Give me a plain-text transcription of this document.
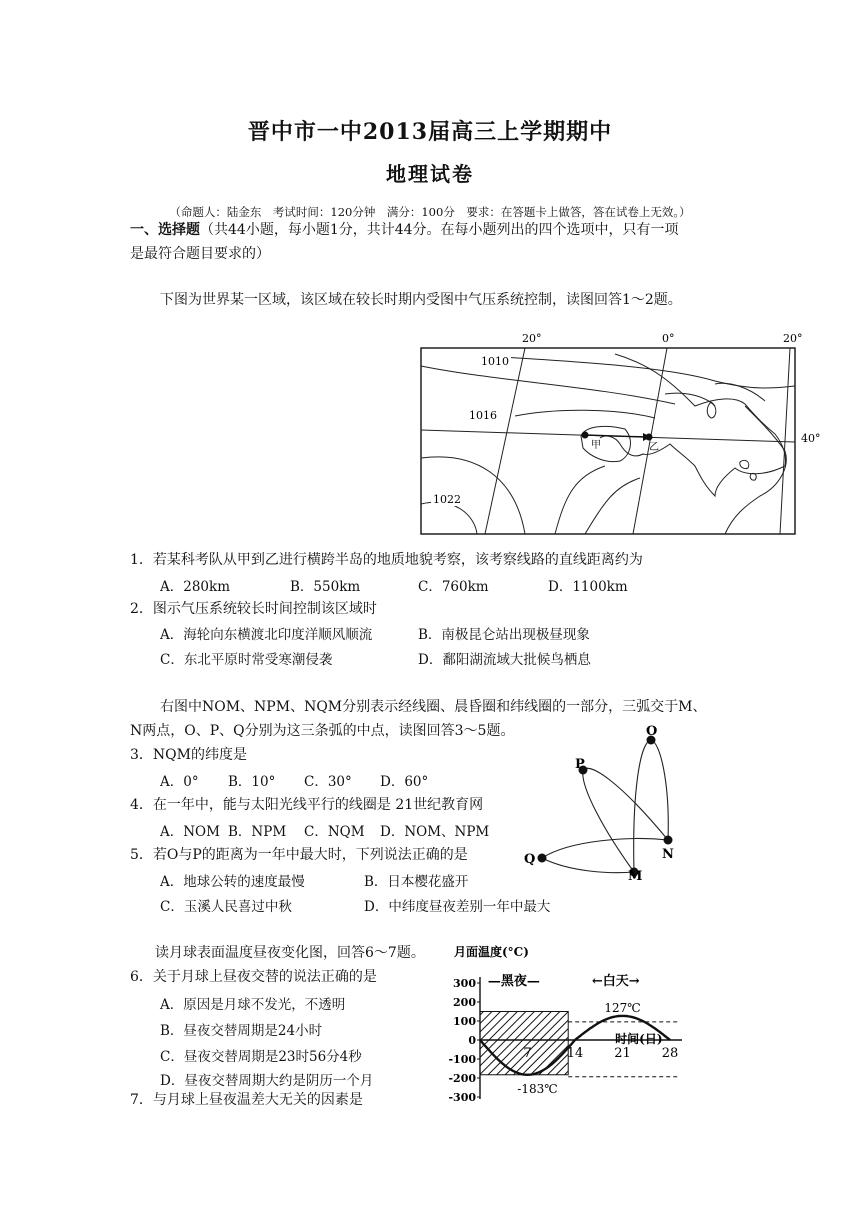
晋中市一中2013届高三上学期期中
地理试卷
（命题人：陆金东　考试时间：120分钟　满分：100分　要求：在答题卡上做答，答在试卷上无效。）
一、选择题（共44小题，每小题1分，共计44分。在每小题列出的四个选项中，只有一项
是最符合题目要求的）
下图为世界某一区域，该区域在较长时期内受图中气压系统控制，读图回答1～2题。
20°	0°	20°
甲	乙
1010
1016
1022
40°
1．若某科考队从甲到乙进行横跨半岛的地质地貌考察，该考察线路的直线距离约为
A．280km	B．550km	C．760km	D．1100km
2．图示气压系统较长时间控制该区域时
A．海轮向东横渡北印度洋顺风顺流	B．南极昆仑站出现极昼现象
C．东北平原时常受寒潮侵袭	D．鄱阳湖流域大批候鸟栖息
右图中NOM、NPM、NQM分别表示经线圈、晨昏圈和纬线圈的一部分，三弧交于M、
N两点，O、P、Q分别为这三条弧的中点，读图回答3～5题。	O
P
Q	N
M
3．NQM的纬度是
A．0° B．10° C．30° D．60°
4．在一年中，能与太阳光线平行的线圈是 21世纪教育网
A．NOM B．NPM C．NQM D．NOM、NPM
5．若O与P的距离为一年中最大时，下列说法正确的是
A．地球公转的速度最慢	B．日本樱花盛开
C．玉溪人民喜过中秋	D．中纬度昼夜差别一年中最大
读月球表面温度昼夜变化图，回答6～7题。
6．关于月球上昼夜交替的说法正确的是
A．原因是月球不发光，不透明
B．昼夜交替周期是24小时
C．昼夜交替周期是23时56分4秒
D．昼夜交替周期大约是阴历一个月
7．与月球上昼夜温差大无关的因素是
月面温度(°C)
300
200
100
0
-100
-200
-300
7	14 21 28
—黑夜—	←白天→
127℃
-183℃
时间(日)
